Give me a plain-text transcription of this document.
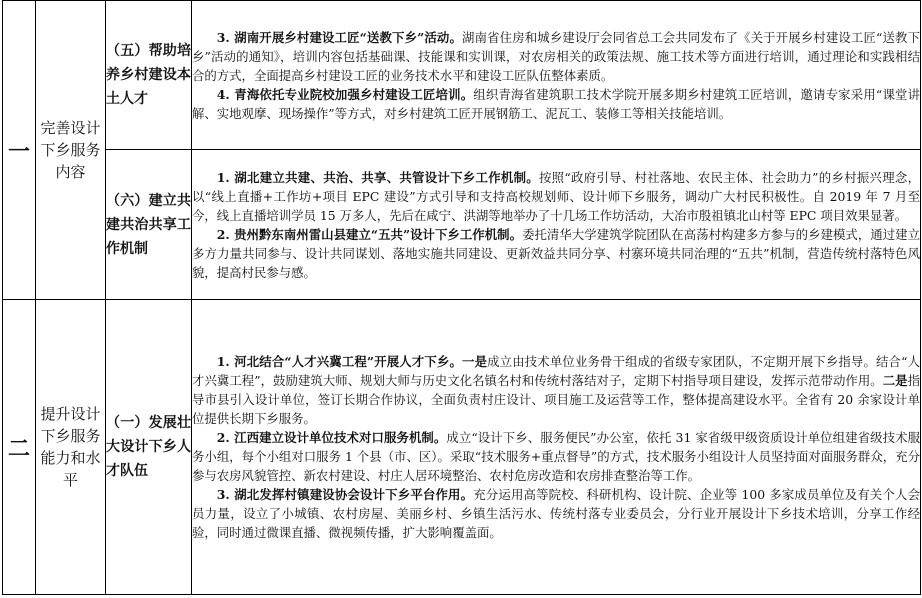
一	完善设计下乡服务内容	（五）帮助培养乡村建设本土人才	3. 湖南开展乡村建设工匠“送教下乡”活动。湖南省住房和城乡建设厅会同省总工会共同发布了《关于开展乡村建设工匠“送教下乡”活动的通知》，培训内容包括基础课、技能课和实训课，对农房相关的政策法规、施工技术等方面进行培训，通过理论和实践相结合的方式，全面提高乡村建设工匠的业务技术水平和建设工匠队伍整体素质。

4. 青海依托专业院校加强乡村建设工匠培训。组织青海省建筑职工技术学院开展多期乡村建筑工匠培训，邀请专家采用“课堂讲解、实地观摩、现场操作”等方式，对乡村建筑工匠开展钢筋工、泥瓦工、装修工等相关技能培训。

		（六）建立共建共治共享工作机制	1. 湖北建立共建、共治、共享、共管设计下乡工作机制。按照“政府引导、村社落地、农民主体、社会助力”的乡村振兴理念，以“线上直播+工作坊+项目 EPC 建设”方式引导和支持高校规划师、设计师下乡服务，调动广大村民积极性。自 2019 年 7 月至今，线上直播培训学员 15 万多人，先后在咸宁、洪湖等地举办了十几场工作坊活动，大冶市殷祖镇北山村等 EPC 项目效果显著。

2. 贵州黔东南州雷山县建立“五共”设计下乡工作机制。委托清华大学建筑学院团队在高荡村构建多方参与的乡建模式，通过建立多方力量共同参与、设计共同谋划、落地实施共同建设、更新效益共同分享、村寨环境共同治理的“五共”机制，营造传统村落特色风貌，提高村民参与感。

二	提升设计下乡服务能力和水平	（一）发展壮大设计下乡人才队伍	1. 河北结合“人才兴冀工程”开展人才下乡。一是成立由技术单位业务骨干组成的省级专家团队，不定期开展下乡指导。结合“人才兴冀工程”，鼓励建筑大师、规划大师与历史文化名镇名村和传统村落结对子，定期下村指导项目建设，发挥示范带动作用。二是指导市县引入设计单位，签订长期合作协议，全面负责村庄设计、项目施工及运营等工作，整体提高建设水平。全省有 20 余家设计单位提供长期下乡服务。

2. 江西建立设计单位技术对口服务机制。成立“设计下乡、服务便民”办公室，依托 31 家省级甲级资质设计单位组建省级技术服务小组，每个小组对口服务 1 个县（市、区）。采取“技术服务+重点督导”的方式，技术服务小组设计人员坚持面对面服务群众，充分参与农房风貌管控、新农村建设、村庄人居环境整治、农村危房改造和农房排查整治等工作。

3. 湖北发挥村镇建设协会设计下乡平台作用。充分运用高等院校、科研机构、设计院、企业等 100 多家成员单位及有关个人会员力量，设立了小城镇、农村房屋、美丽乡村、乡镇生活污水、传统村落专业委员会，分行业开展设计下乡技术培训，分享工作经验，同时通过微课直播、微视频传播，扩大影响覆盖面。
